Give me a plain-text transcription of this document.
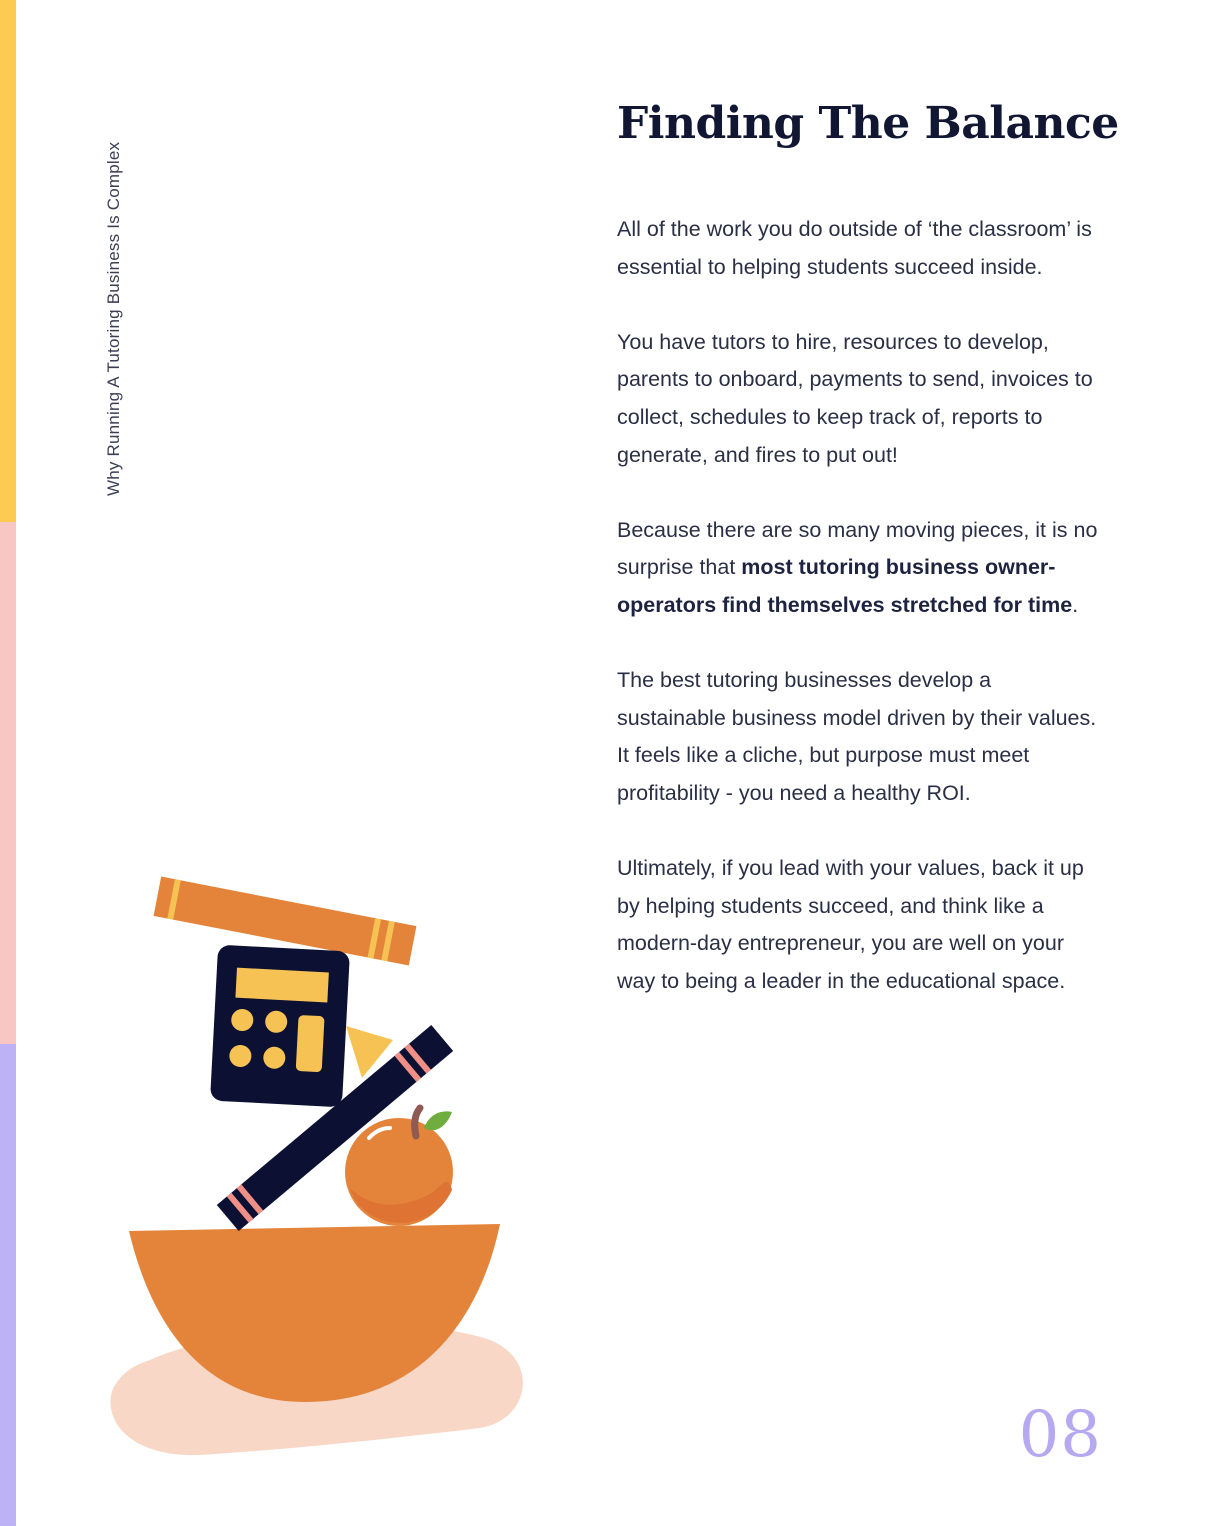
Why Running A Tutoring Business Is Complex
Finding The Balance

All of the work you do outside of ‘the classroom’ is essential to helping students succeed inside.

You have tutors to hire, resources to develop, parents to onboard, payments to send, invoices to collect, schedules to keep track of, reports to generate, and fires to put out!

Because there are so many moving pieces, it is no surprise that most tutoring business owner-operators find themselves stretched for time.

The best tutoring businesses develop a sustainable business model driven by their values. It feels like a cliche, but purpose must meet profitability - you need a healthy ROI.

Ultimately, if you lead with your values, back it up by helping students succeed, and think like a modern-day entrepreneur, you are well on your way to being a leader in the educational space.

08
